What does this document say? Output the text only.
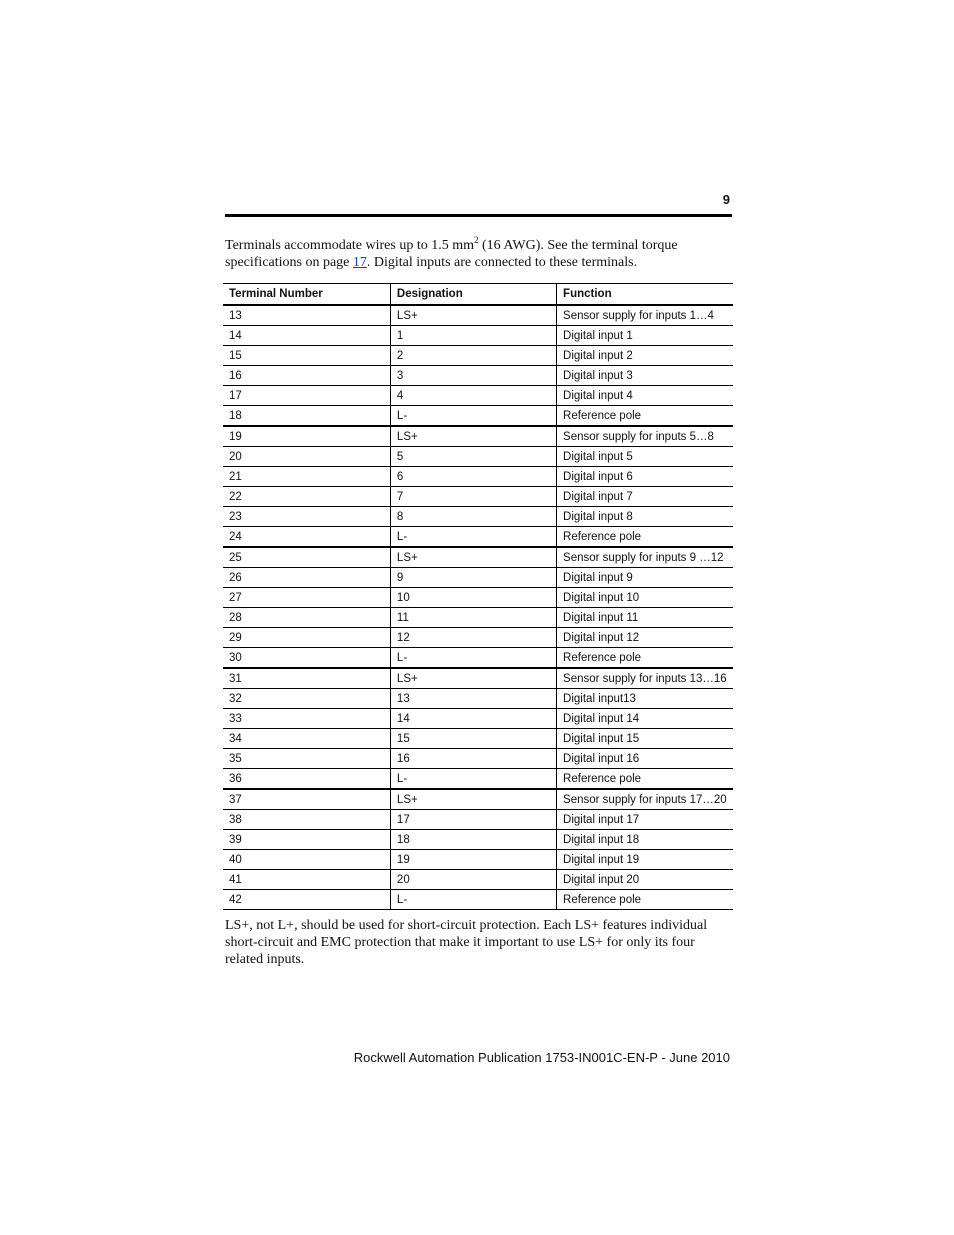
9

Terminals accommodate wires up to 1.5 $mm^2$ (16 AWG). See the terminal torque specifications on page 17. Digital inputs are connected to these terminals.

Terminal Number	Designation	Function
13	LS+	Sensor supply for inputs 1…4
14	1	Digital input 1
15	2	Digital input 2
16	3	Digital input 3
17	4	Digital input 4
18	L-	Reference pole
19	LS+	Sensor supply for inputs 5…8
20	5	Digital input 5
21	6	Digital input 6
22	7	Digital input 7
23	8	Digital input 8
24	L-	Reference pole
25	LS+	Sensor supply for inputs 9 …12
26	9	Digital input 9
27	10	Digital input 10
28	11	Digital input 11
29	12	Digital input 12
30	L-	Reference pole
31	LS+	Sensor supply for inputs 13…16
32	13	Digital input13
33	14	Digital input 14
34	15	Digital input 15
35	16	Digital input 16
36	L-	Reference pole
37	LS+	Sensor supply for inputs 17…20
38	17	Digital input 17
39	18	Digital input 18
40	19	Digital input 19
41	20	Digital input 20
42	L-	Reference pole

LS+, not L+, should be used for short-circuit protection. Each LS+ features individual short-circuit and EMC protection that make it important to use LS+ for only its four related inputs.

Rockwell Automation Publication 1753-IN001C-EN-P - June 2010
